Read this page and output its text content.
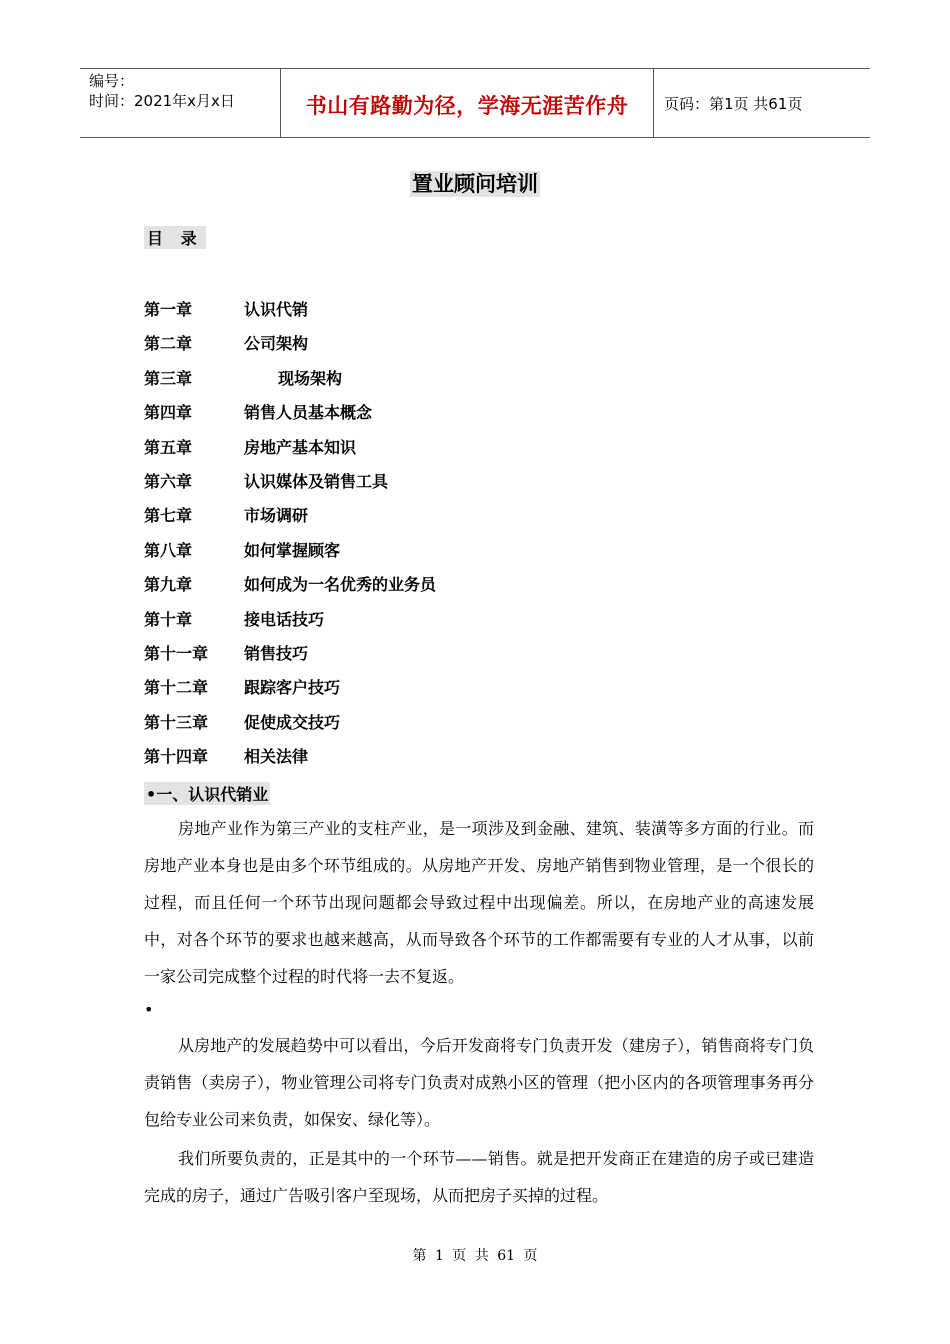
编号：
时间：2021年x月x日	书山有路勤为径，学海无涯苦作舟 页码：第1页 共61页
置业顾问培训
目 录
第一章	认识代销
第二章	公司架构
第三章	现场架构
第四章	销售人员基本概念
第五章	房地产基本知识
第六章	认识媒体及销售工具
第七章	市场调研
第八章	如何掌握顾客
第九章	如何成为一名优秀的业务员
第十章	接电话技巧
第十一章	销售技巧
第十二章	跟踪客户技巧
第十三章	促使成交技巧
第十四章	相关法律
•一、认识代销业

房地产业作为第三产业的支柱产业，是一项涉及到金融、建筑、装潢等多方面的行业。而房地产业本身也是由多个环节组成的。从房地产开发、房地产销售到物业管理，是一个很长的过程，而且任何一个环节出现问题都会导致过程中出现偏差。所以，在房地产业的高速发展中，对各个环节的要求也越来越高，从而导致各个环节的工作都需要有专业的人才从事，以前一家公司完成整个过程的时代将一去不复返。

•

从房地产的发展趋势中可以看出，今后开发商将专门负责开发（建房子），销售商将专门负责销售（卖房子），物业管理公司将专门负责对成熟小区的管理（把小区内的各项管理事务再分包给专业公司来负责，如保安、绿化等）。

我们所要负责的，正是其中的一个环节——销售。就是把开发商正在建造的房子或已建造完成的房子，通过广告吸引客户至现场，从而把房子买掉的过程。

第 1 页 共 61 页
